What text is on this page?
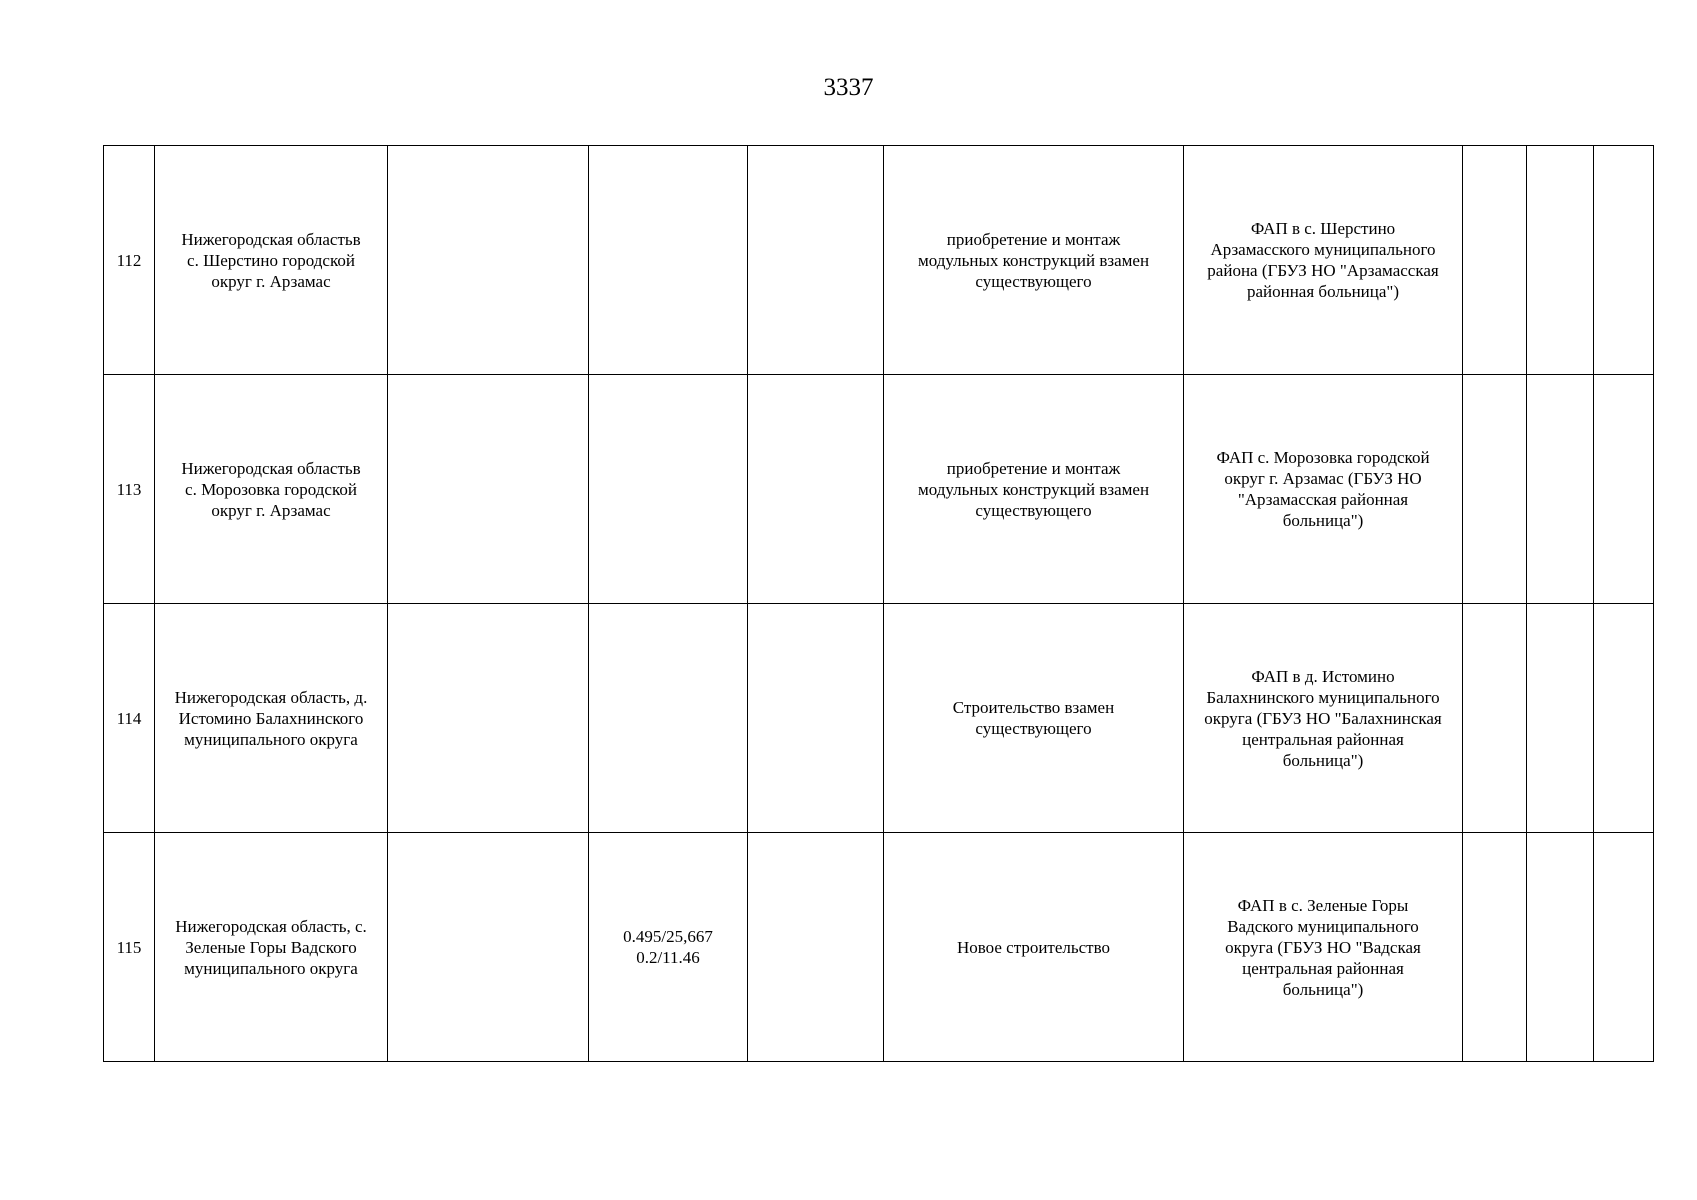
3337
112	Нижегородская областьв
с. Шерстино городской
округ г. Арзамас				приобретение и монтаж
модульных конструкций взамен
существующего	ФАП в с. Шерстино
Арзамасского муниципального
района (ГБУЗ НО "Арзамасская
районная больница")			
113	Нижегородская областьв
с. Морозовка городской
округ г. Арзамас				приобретение и монтаж
модульных конструкций взамен
существующего	ФАП с. Морозовка городской
округ г. Арзамас (ГБУЗ НО
"Арзамасская районная
больница")			
114	Нижегородская область, д.
Истомино Балахнинского
муниципального округа				Строительство взамен
существующего	ФАП в д. Истомино
Балахнинского муниципального
округа (ГБУЗ НО "Балахнинская
центральная районная
больница")			
115	Нижегородская область, с.
Зеленые Горы Вадского
муниципального округа		0.495/25,667
0.2/11.46		Новое строительство	ФАП в с. Зеленые Горы
Вадского муниципального
округа (ГБУЗ НО "Вадская
центральная районная
больница")			
